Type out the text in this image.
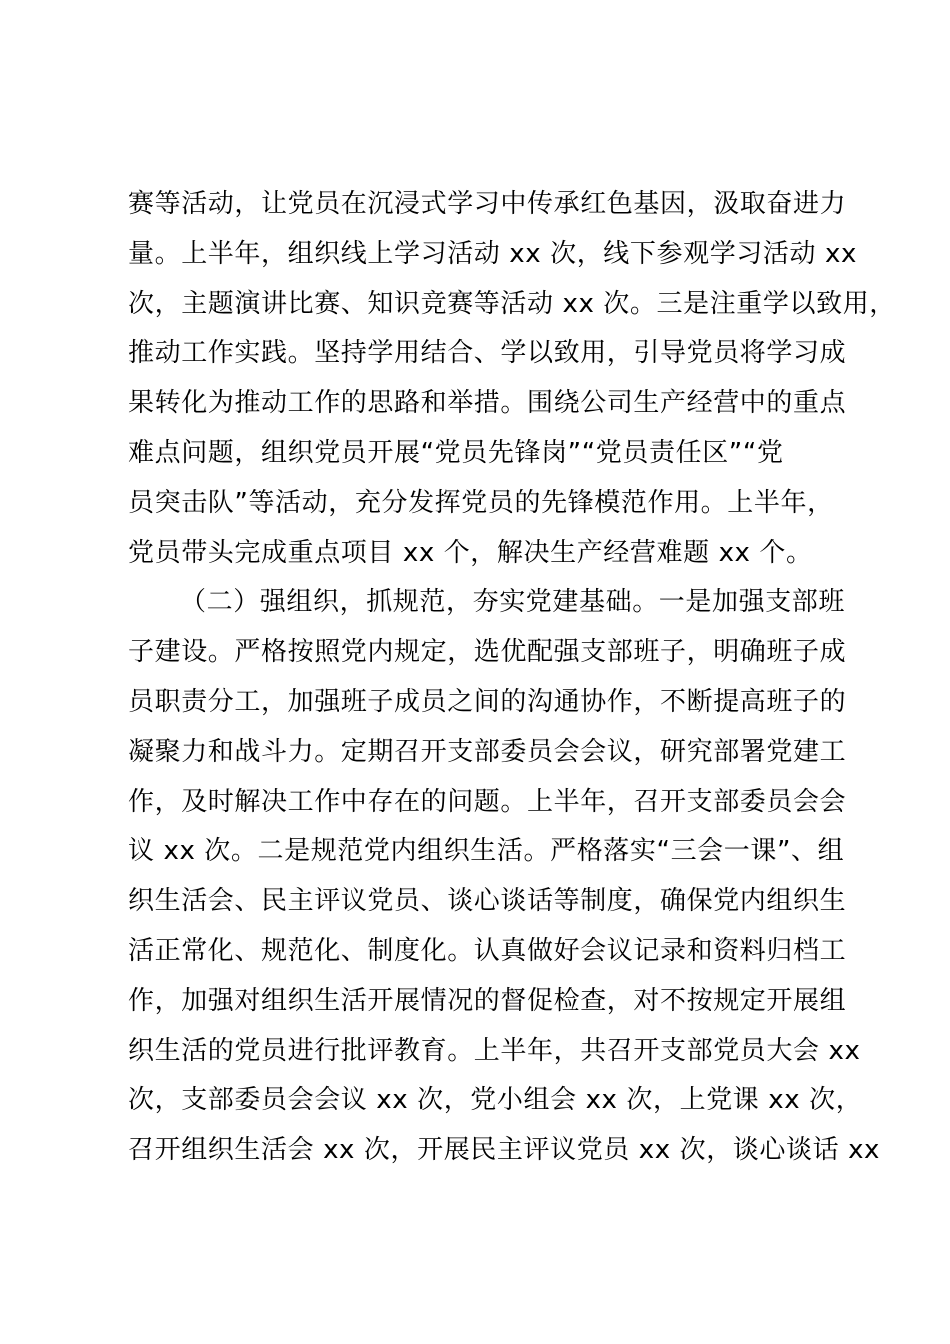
赛等活动，让党员在沉浸式学习中传承红色基因，汲取奋进力
量。上半年，组织线上学习活动 xx 次，线下参观学习活动 xx
次，主题演讲比赛、知识竞赛等活动 xx 次。三是注重学以致用，
推动工作实践。坚持学用结合、学以致用，引导党员将学习成
果转化为推动工作的思路和举措。围绕公司生产经营中的重点
难点问题，组织党员开展“党员先锋岗”“党员责任区”“党
员突击队”等活动，充分发挥党员的先锋模范作用。上半年，
党员带头完成重点项目 xx 个，解决生产经营难题 xx 个。
（二）强组织，抓规范，夯实党建基础。一是加强支部班
子建设。严格按照党内规定，选优配强支部班子，明确班子成
员职责分工，加强班子成员之间的沟通协作，不断提高班子的
凝聚力和战斗力。定期召开支部委员会会议，研究部署党建工
作，及时解决工作中存在的问题。上半年，召开支部委员会会
议 xx 次。二是规范党内组织生活。严格落实“三会一课”、组
织生活会、民主评议党员、谈心谈话等制度，确保党内组织生
活正常化、规范化、制度化。认真做好会议记录和资料归档工
作，加强对组织生活开展情况的督促检查，对不按规定开展组
织生活的党员进行批评教育。上半年，共召开支部党员大会 xx
次，支部委员会会议 xx 次，党小组会 xx 次，上党课 xx 次，
召开组织生活会 xx 次，开展民主评议党员 xx 次，谈心谈话 xx
